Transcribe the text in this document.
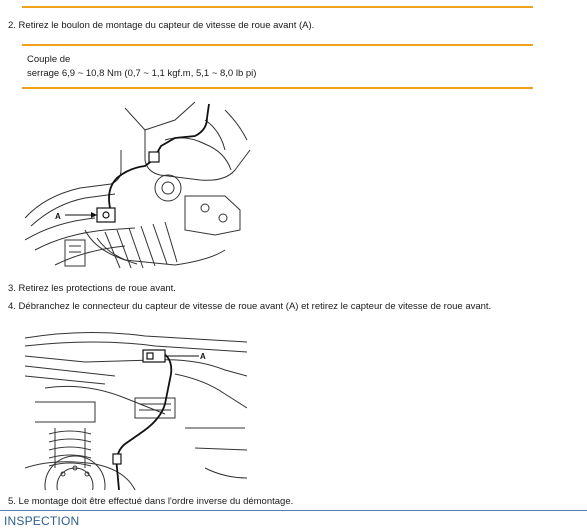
2. Retirez le boulon de montage du capteur de vitesse de roue avant (A).
Couple de
serrage 6,9 ~ 10,8 Nm (0,7 ~ 1,1 kgf.m, 5,1 ~ 8,0 lb pi)
A
3. Retirez les protections de roue avant.
4. Débranchez le connecteur du capteur de vitesse de roue avant (A) et retirez le capteur de vitesse de roue avant.
A
5. Le montage doit être effectué dans l'ordre inverse du démontage.
INSPECTION
